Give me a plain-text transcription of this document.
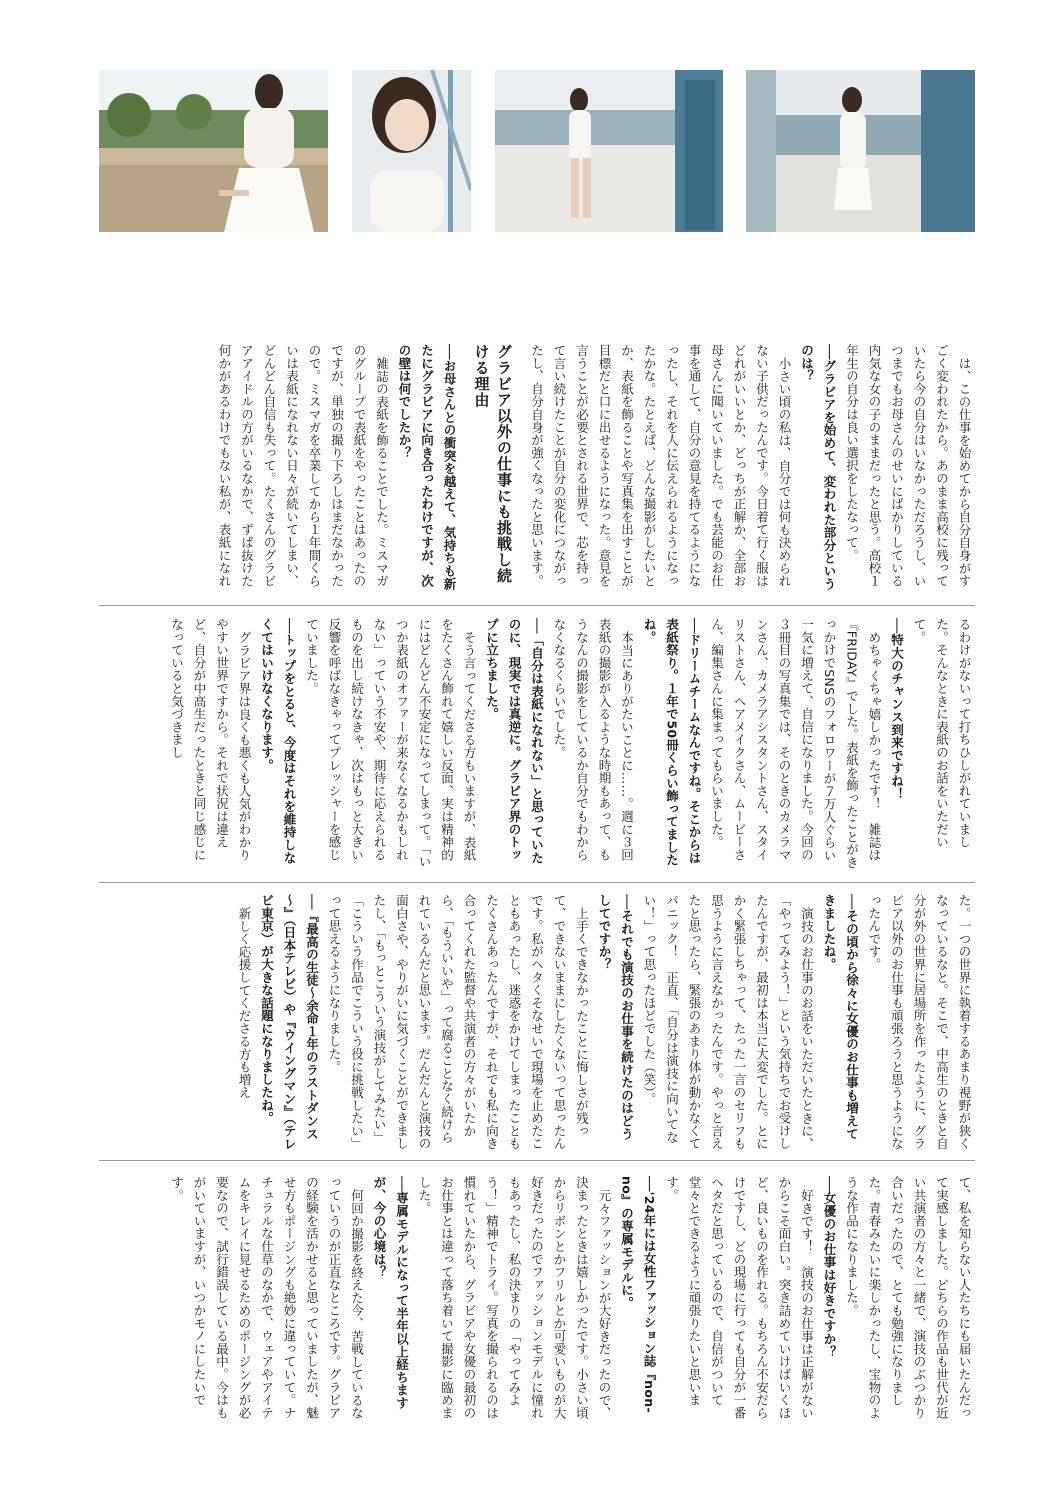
は、この仕事を始めてから自分自身がすごく変われたから。あのまま高校に残っていたら今の自分はいなかっただろうし、いつまでもお母さんのせいにばかりしている内気な女の子のままだったと思う。高校１年生の自分は良い選択をしたなって。

──グラビアを始めて、変われた部分というのは？

小さい頃の私は、自分では何も決められない子供だったんです。今日着て行く服はどれがいいとか、どっちが正解か、全部お母さんに聞いていました。でも芸能のお仕事を通して、自分の意見を持てるようになったし、それを人に伝えられるようになったかな。たとえば、どんな撮影がしたいとか、表紙を飾ることや写真集を出すことが目標だと口に出せるようになった。意見を言うことが必要とされる世界で、芯を持って言い続けたことが自分の変化につながったし、自分自身が強くなったと思います。

グラビア以外の仕事にも挑戦し続ける理由

──お母さんとの衝突を越えて、気持ちも新たにグラビアに向き合ったわけですが、次の壁は何でしたか？

雑誌の表紙を飾ることでした。ミスマガのグループで表紙をやったことはあったのですが、単独の撮り下ろしはまだなかったので。ミスマガを卒業してから１年間くらいは表紙になれない日々が続いてしまい、どんどん自信も失って。たくさんのグラビアアイドルの方がいるなかで、ずば抜けた何かがあるわけでもない私が、表紙になれ

るわけがないって打ちひしがれていました。そんなときに表紙のお話をいただいて。

──特大のチャンス到来ですね！

めちゃくちゃ嬉しかったです！　雑誌は『FRIDAY』でした。表紙を飾ったことがきっかけでSNSのフォロワーが７万人ぐらい一気に増えて、自信になりました。今回の３冊目の写真集では、そのときのカメラマンさん、カメラアシスタントさん、スタイリストさん、ヘアメイクさん、ムービーさん、編集さんに集まってもらいました。

──ドリームチームなんですね。そこからは表紙祭り。１年で50冊くらい飾ってましたね。

本当にありがたいことに……。週に３回表紙の撮影が入るような時期もあって、もうなんの撮影をしているか自分でもわからなくなるくらいでした。

──「自分は表紙になれない」と思っていたのに、現実では真逆に。グラビア界のトップに立ちました。

そう言ってくださる方もいますが、表紙をたくさん飾れて嬉しい反面、実は精神的にはどんどん不安定になってしまって。「いつか表紙のオファーが来なくなるかもしれない」っていう不安や、期待に応えられるものを出し続けなきゃ、次はもっと大きい反響を呼ばなきゃってプレッシャーを感じていました。

──トップをとると、今度はそれを維持しなくてはいけなくなります。

グラビア界は良くも悪くも人気がわかりやすい世界ですから。それで状況は違えど、自分が中高生だったときと同じ感じになっていると気づきまし

た。一つの世界に執着するあまり視野が狭くなっているなと。そこで、中高生のときと自分が外の世界に居場所を作ったように、グラビア以外のお仕事も頑張ろうと思うようになったんです。

──その頃から徐々に女優のお仕事も増えてきましたね。

演技のお仕事のお話をいただいたときに、「やってみよう！」という気持ちでお受けしたんですが、最初は本当に大変でした。とにかく緊張しちゃって、たった一言のセリフも思うように言えなかったんです。やっと言えたと思ったら、緊張のあまり体が動かなくてパニック！　正直、「自分は演技に向いてない！」って思ったほどでした（笑）。

──それでも演技のお仕事を続けたのはどうしてですか？

上手くできなかったことに悔しさが残って、できないままにしたくないって思ったんです。私がヘタくそなせいで現場を止めたこともあったし、迷惑をかけてしまったこともたくさんあったんですが、それでも私に向き合ってくれた監督や共演者の方々がいたから、「もういいや」って腐ることなく続けられているんだと思います。だんだんと演技の面白さや、やりがいに気づくことができましたし、「もっとこういう演技がしてみたい」「こういう作品でこういう役に挑戦したい」って思えるようになりました。

──『最高の生徒～余命１年のラストダンス～』（日本テレビ）や『ウイングマン』（テレビ東京）が大きな話題になりましたね。

新しく応援してくださる方も増え

て、私を知らない人たちにも届いたんだって実感しました。どちらの作品も世代が近い共演者の方々と一緒で、演技のぶつかり合いだったので、とても勉強になりました。青春みたいに楽しかったし、宝物のような作品になりました。

──女優のお仕事は好きですか？

好きです！　演技のお仕事は正解がないからこそ面白い。突き詰めていけばいくほど、良いものを作れる。もちろん不安だらけですし、どの現場に行っても自分が一番ヘタだと思っているので、自信がついて堂々とできるように頑張りたいと思います。

──'24年には女性ファッション誌『non-no』の専属モデルに。

元々ファッションが大好きだったので、決まったときは嬉しかったです。小さい頃からリボンとかフリルとか可愛いものが大好きだったのでファッションモデルに憧れもあったし、私の決まりの「やってみよう！」精神でトライ。写真を撮られるのは慣れていたから、グラビアや女優の最初のお仕事とは違って落ち着いて撮影に臨めました。

──専属モデルになって半年以上経ちますが、今の心境は？

何回か撮影を終えた今、苦戦しているなっていうのが正直なところです。グラビアの経験を活かせると思っていましたが、魅せ方もポージングも絶妙に違っていて。ナチュラルな仕草のなかで、ウェアやアイテムをキレイに見せるためのポージングが必要なので、試行錯誤している最中。今はもがいていますが、いつかモノにしたいです。
